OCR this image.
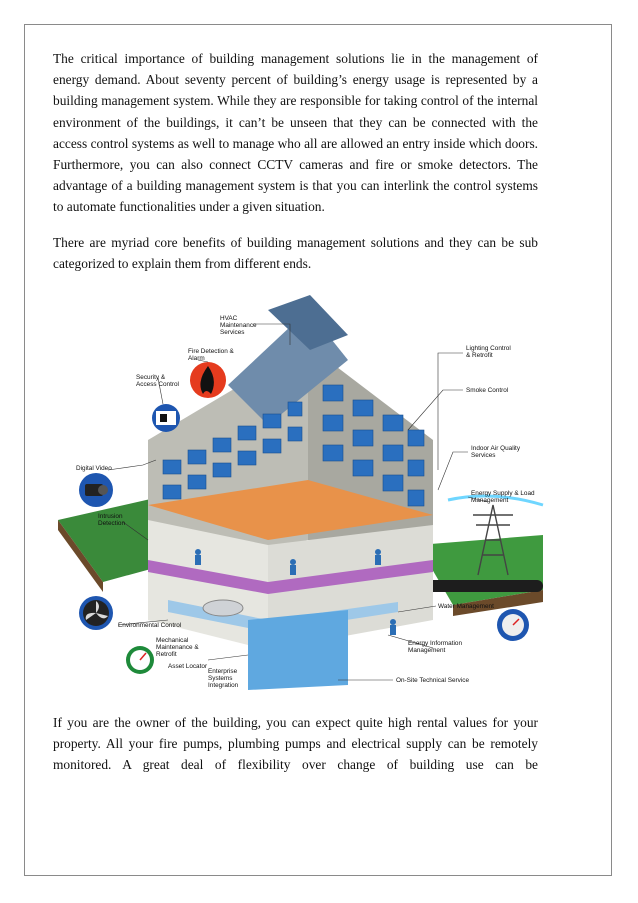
The critical importance of building management solutions lie in the management of energy demand. About seventy percent of building’s energy usage is represented by a building management system. While they are responsible for taking control of the internal environment of the buildings, it can’t be unseen that they can be connected with the access control systems as well to manage who all are allowed an entry inside which doors. Furthermore, you can also connect CCTV cameras and fire or smoke detectors. The advantage of a building management system is that you can interlink the control systems to automate functionalities under a given situation.

There are myriad core benefits of building management solutions and they can be sub categorized to explain them from different ends.

HVAC Maintenance Services
Fire Detection & Alarm
Security & Access Control
Lighting Control & Retrofit
Smoke Control
Digital Video
Indoor Air Quality Services
Energy Supply & Load Management
Intrusion Detection
Water Management
Environmental Control
Mechanical Maintenance & Retrofit
Energy Information Management
Asset Locator
On-Site Technical Service
Enterprise Systems Integration

If you are the owner of the building, you can expect quite high rental values for your property. All your fire pumps, plumbing pumps and electrical supply can be remotely monitored. A great deal of flexibility over change of building use can be
